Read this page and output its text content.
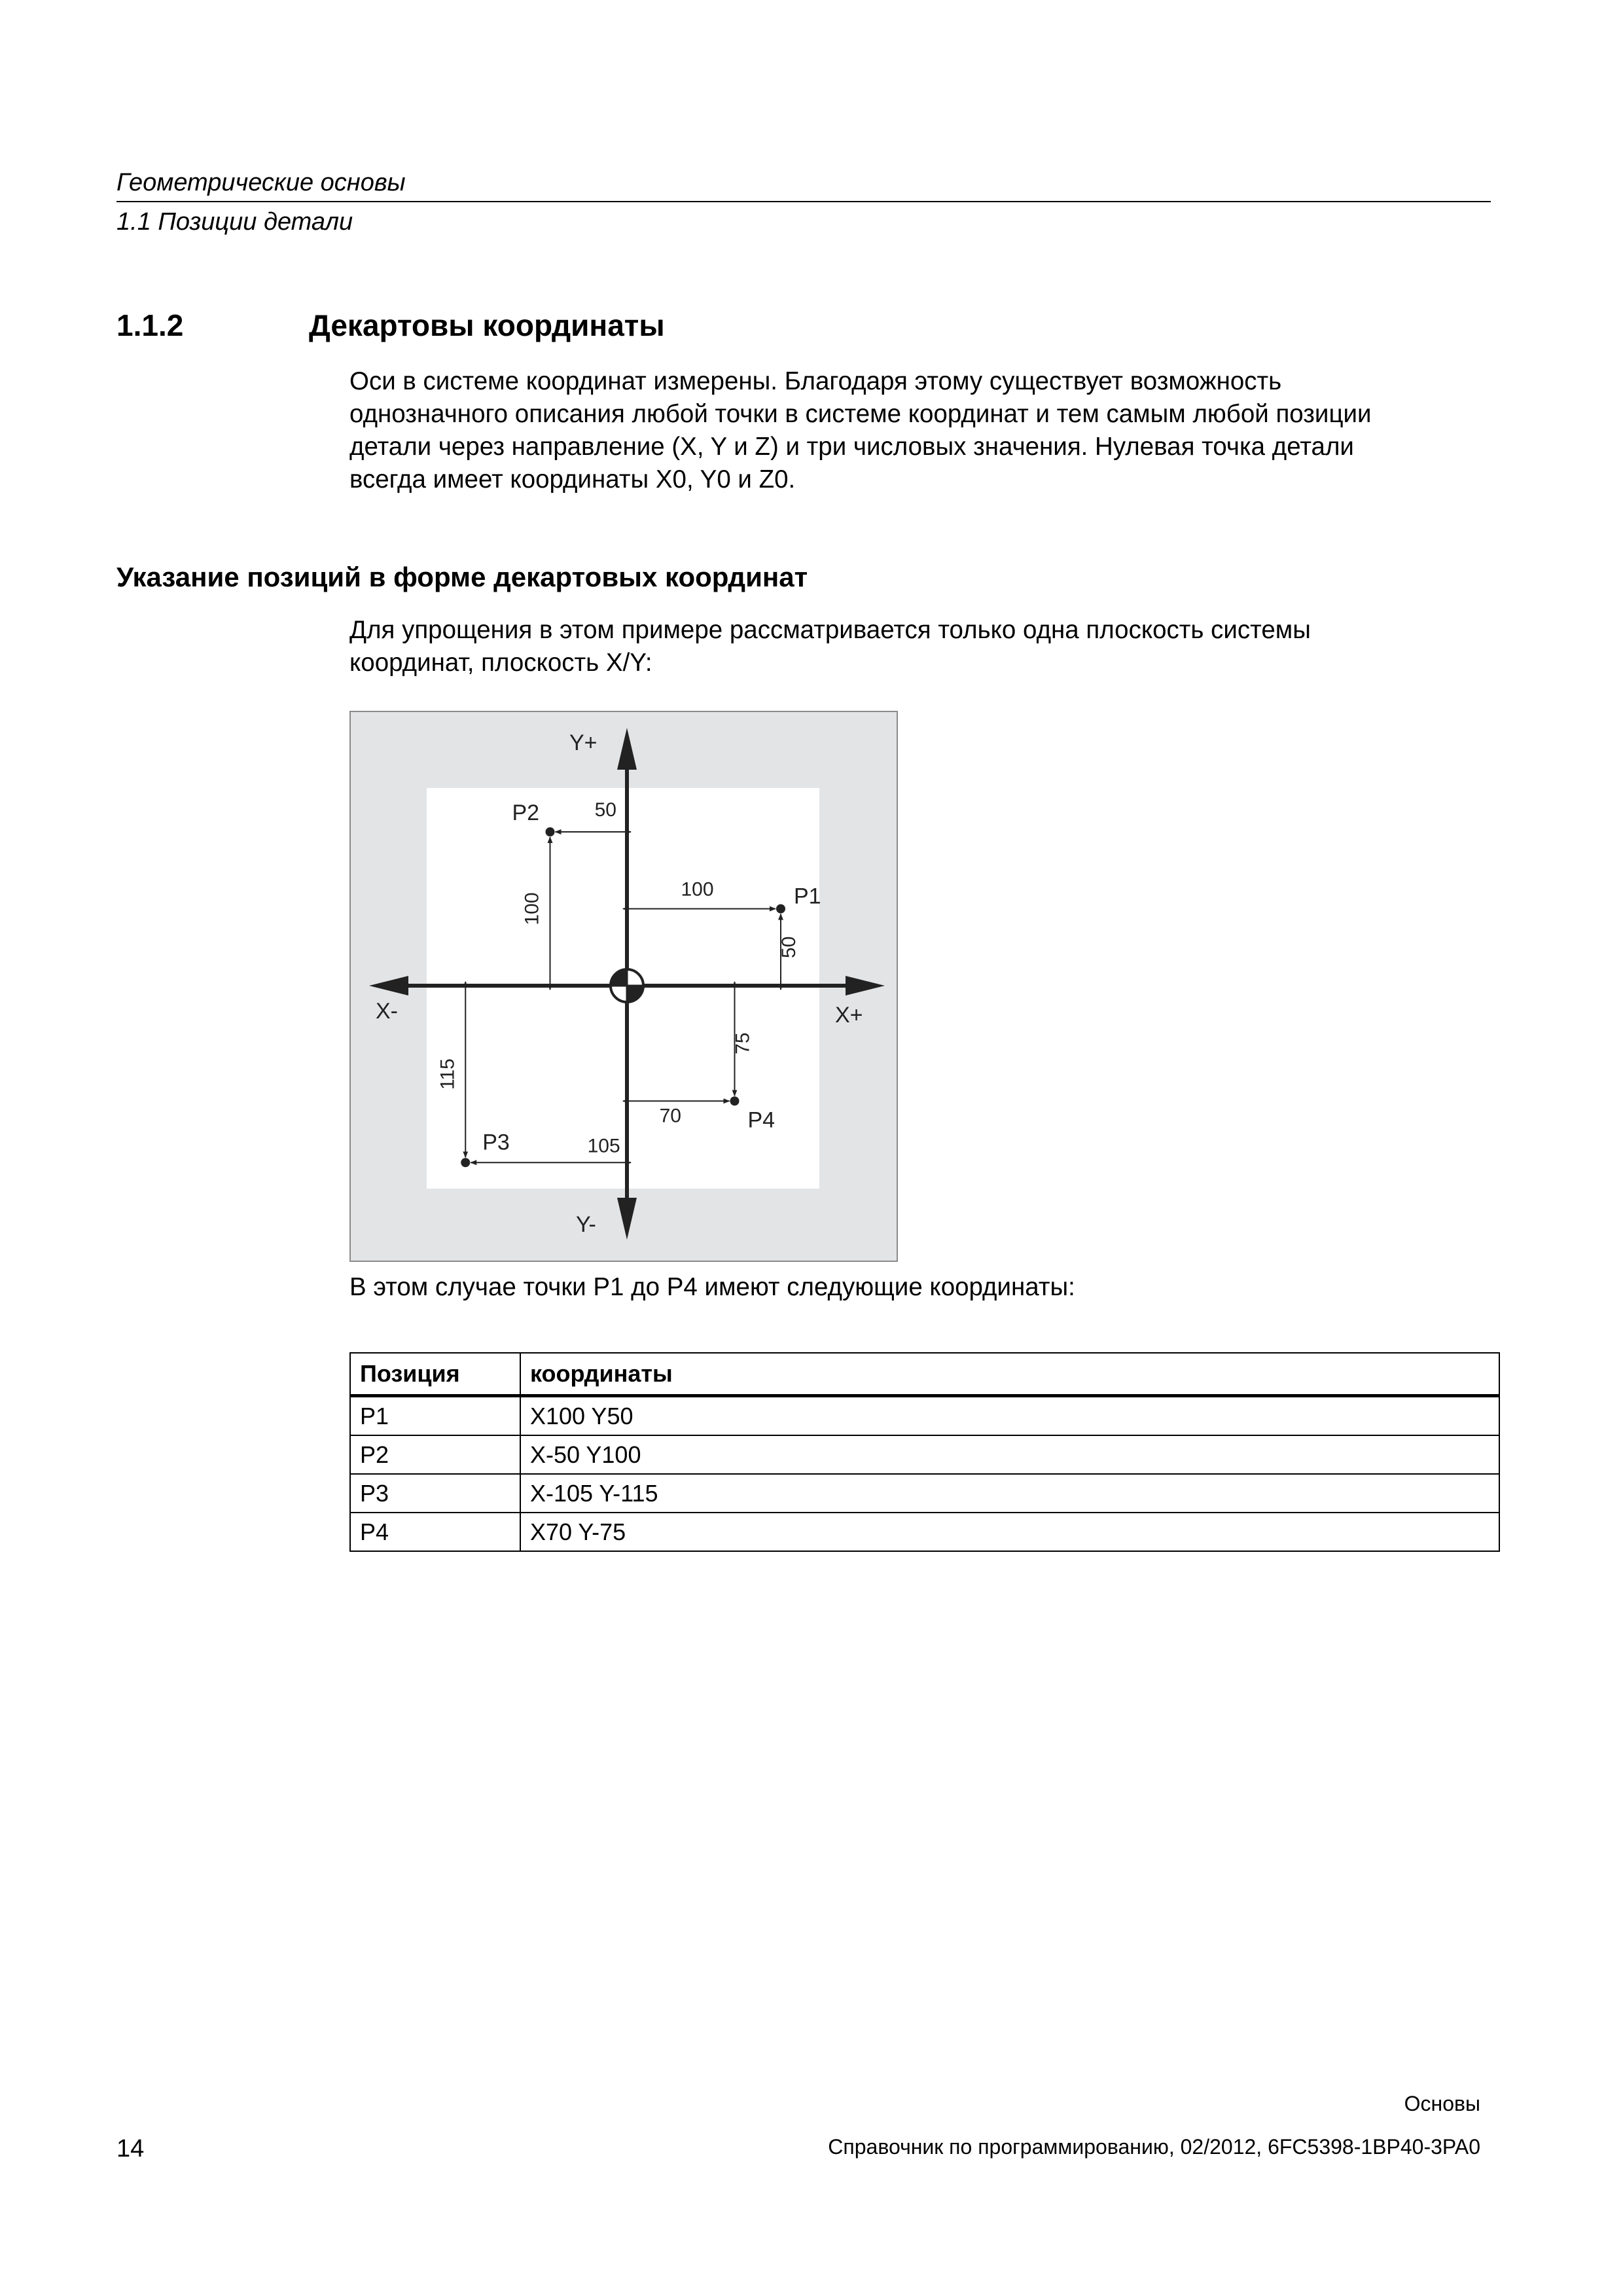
Геометрические основы
1.1 Позиции детали
1.1.2	Декартовы координаты
Оси в системе координат измерены. Благодаря этому существует возможность
однозначного описания любой точки в системе координат и тем самым любой позиции
детали через направление (X, Y и Z) и три числовых значения. Нулевая точка детали
всегда имеет координаты X0, Y0 и Z0.
Указание позиций в форме декартовых координат
Для упрощения в этом примере рассматривается только одна плоскость системы
координат, плоскость X/Y:
100
50
P1
50
100
P2
105
115
P3
70
75
P4
Y+
Y-
X+
X-
В этом случае точки P1 до P4 имеют следующие координаты:
Позиция	координаты
P1	X100 Y50
P2	X-50 Y100
P3	X-105 Y-115
P4	X70 Y-75
14
Основы
Справочник по программированию, 02/2012, 6FC5398-1BP40-3PA0
